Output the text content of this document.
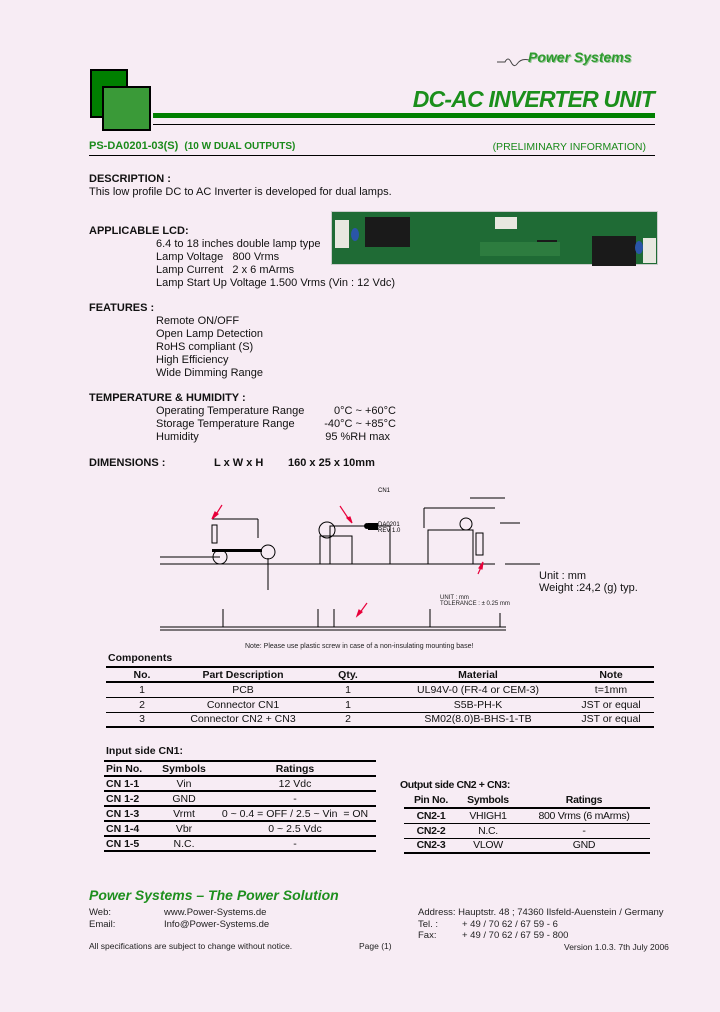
Power Systems
DC-AC INVERTER UNIT
PS-DA0201-03(S) (10 W DUAL OUTPUTS)	(PRELIMINARY INFORMATION)
DESCRIPTION :
This low profile DC to AC Inverter is developed for dual lamps.
APPLICABLE LCD:
6.4 to 18 inches double lamp type
Lamp Voltage   800 Vrms
Lamp Current   2 x 6 mArms
Lamp Start Up Voltage 1.500 Vrms (Vin : 12 Vdc)
FEATURES :
Remote ON/OFF
Open Lamp Detection
RoHS compliant (S)
High Efficiency
Wide Dimming Range
TEMPERATURE & HUMIDITY :
Operating Temperature Range	0°C ~ +60°C
Storage Temperature Range	-40°C ~ +85°C
Humidity	95 %RH max
DIMENSIONS :	L x W x H 160 x 25 x 10mm
DA0201
REV 1.0
CN1
UNIT : mm
TOLERANCE : ± 0.25 mm
Unit : mm
Weight :24,2 (g) typ.
Note: Please use plastic screw in case of a non-insulating mounting base!
Components
No.	Part Description	Qty.	Material	Note
1	PCB	1	UL94V-0 (FR-4 or CEM-3)	t=1mm
2	Connector CN1	1	S5B-PH-K	JST or equal
3	Connector CN2 + CN3	2	SM02(8.0)B-BHS-1-TB	JST or equal
Input side CN1:
Pin No.	Symbols	Ratings
CN 1-1	Vin	12 Vdc
CN 1-2	GND	-
CN 1-3	Vrmt	0 ~ 0.4 = OFF / 2.5 ~ Vin  = ON
CN 1-4	Vbr	0 ~ 2.5 Vdc
CN 1-5	N.C.	-
Output side CN2 + CN3:
Pin No.	Symbols	Ratings
CN2-1	VHIGH1	800 Vrms (6 mArms)
CN2-2	N.C.	-
CN2-3	VLOW	GND
Power Systems – The Power Solution
Web:	www.Power-Systems.de
Email:	Info@Power-Systems.de
All specifications are subject to change without notice.	Page (1)
Address: Hauptstr. 48 ; 74360 Ilsfeld-Auenstein / Germany
Tel. :	+ 49 / 70 62 / 67 59 - 6
Fax:	+ 49 / 70 62 / 67 59 - 800
Version 1.0.3. 7th July 2006
